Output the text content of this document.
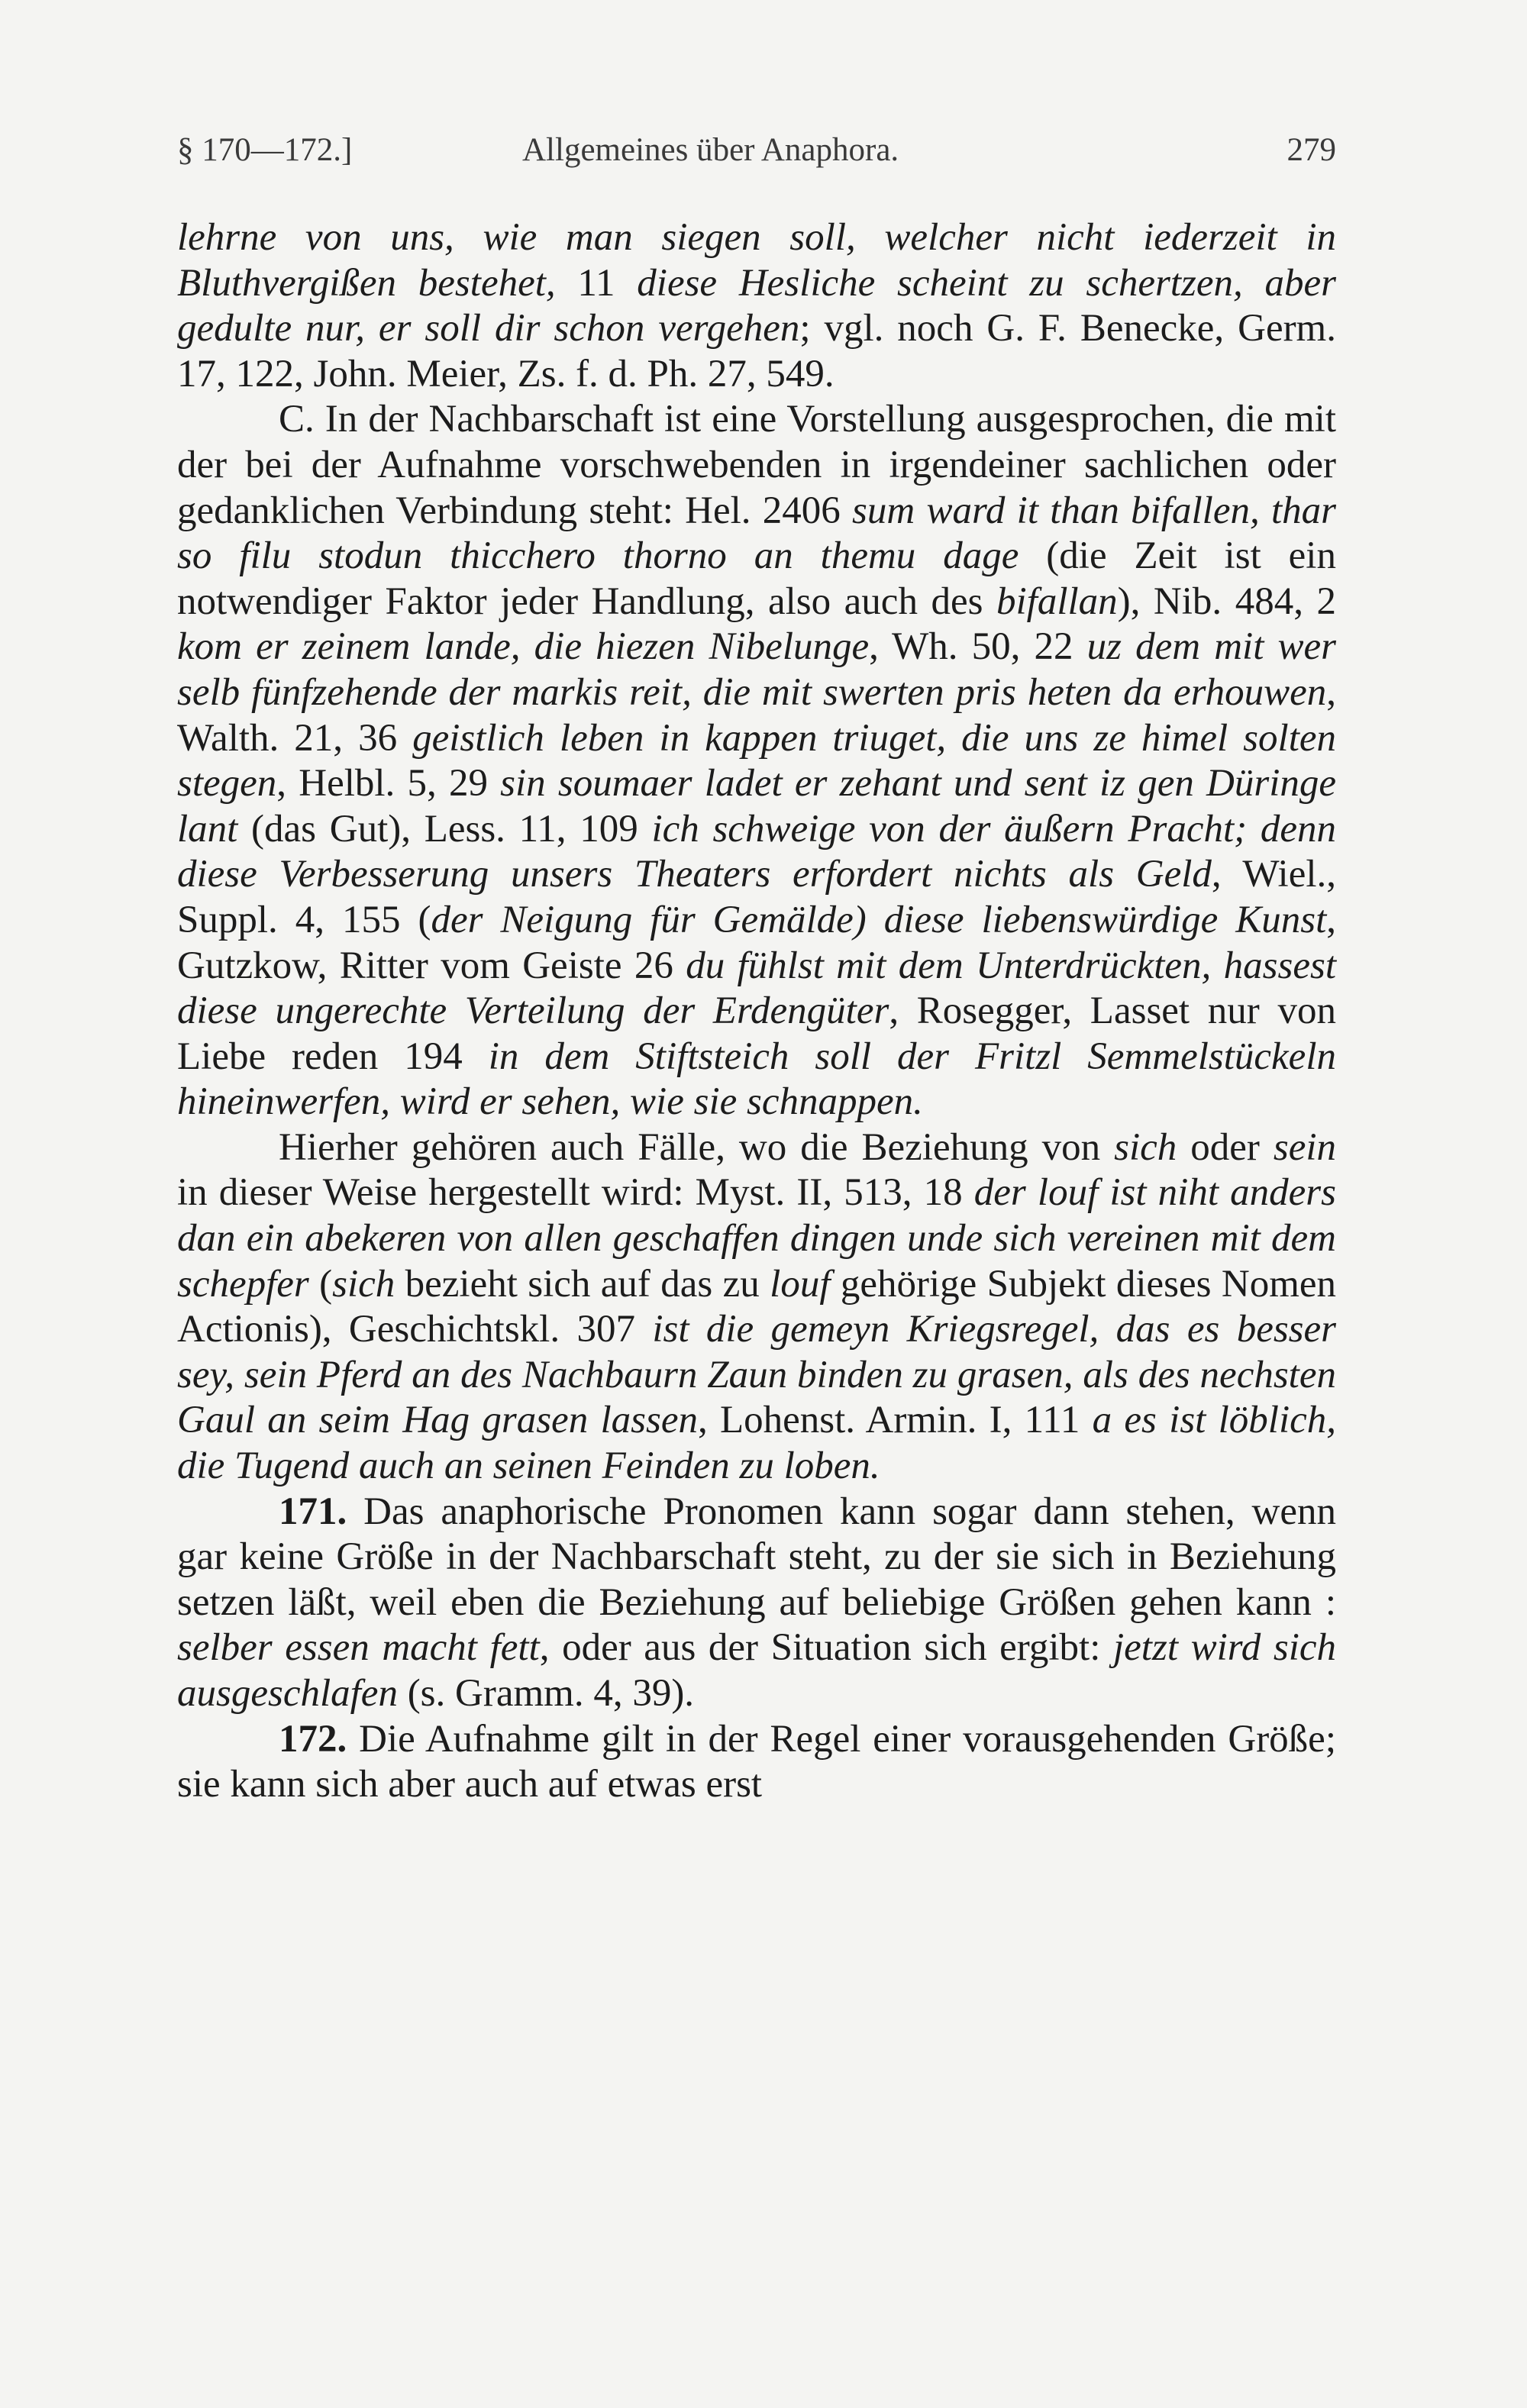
§ 170—172.]	Allgemeines über Anaphora.	279

lehrne von uns, wie man siegen soll, welcher nicht iederzeit in Bluthvergißen bestehet, 11 diese Hesliche scheint zu schertzen, aber gedulte nur, er soll dir schon vergehen; vgl. noch G. F. Benecke, Germ. 17, 122, John. Meier, Zs. f. d. Ph. 27, 549.

C. In der Nachbarschaft ist eine Vorstellung ausgesprochen, die mit der bei der Aufnahme vorschwebenden in irgendeiner sachlichen oder gedanklichen Verbindung steht: Hel. 2406 sum ward it than bifallen, thar so filu stodun thicchero thorno an themu dage (die Zeit ist ein notwendiger Faktor jeder Handlung, also auch des bifallan), Nib. 484, 2 kom er zeinem lande, die hiezen Nibelunge, Wh. 50, 22 uz dem mit wer selb fünfzehende der markis reit, die mit swerten pris heten da erhouwen, Walth. 21, 36 geistlich leben in kappen triuget, die uns ze himel solten stegen, Helbl. 5, 29 sin soumaer ladet er zehant und sent iz gen Düringe lant (das Gut), Less. 11, 109 ich schweige von der äußern Pracht; denn diese Verbesserung unsers Theaters erfordert nichts als Geld, Wiel., Suppl. 4, 155 (der Neigung für Gemälde) diese liebenswürdige Kunst, Gutzkow, Ritter vom Geiste 26 du fühlst mit dem Unterdrückten, hassest diese ungerechte Verteilung der Erdengüter, Rosegger, Lasset nur von Liebe reden 194 in dem Stiftsteich soll der Fritzl Semmelstückeln hineinwerfen, wird er sehen, wie sie schnappen.

Hierher gehören auch Fälle, wo die Beziehung von sich oder sein in dieser Weise hergestellt wird: Myst. II, 513, 18 der louf ist niht anders dan ein abekeren von allen geschaffen dingen unde sich vereinen mit dem schepfer (sich bezieht sich auf das zu louf gehörige Subjekt dieses Nomen Actionis), Geschichtskl. 307 ist die gemeyn Kriegsregel, das es besser sey, sein Pferd an des Nachbaurn Zaun binden zu grasen, als des nechsten Gaul an seim Hag grasen lassen, Lohenst. Armin. I, 111 a es ist löblich, die Tugend auch an seinen Feinden zu loben.

171. Das anaphorische Pronomen kann sogar dann stehen, wenn gar keine Größe in der Nachbarschaft steht, zu der sie sich in Beziehung setzen läßt, weil eben die Beziehung auf beliebige Größen gehen kann : selber essen macht fett, oder aus der Situation sich ergibt: jetzt wird sich ausgeschlafen (s. Gramm. 4, 39).

172. Die Aufnahme gilt in der Regel einer vorausgehenden Größe; sie kann sich aber auch auf etwas erst
